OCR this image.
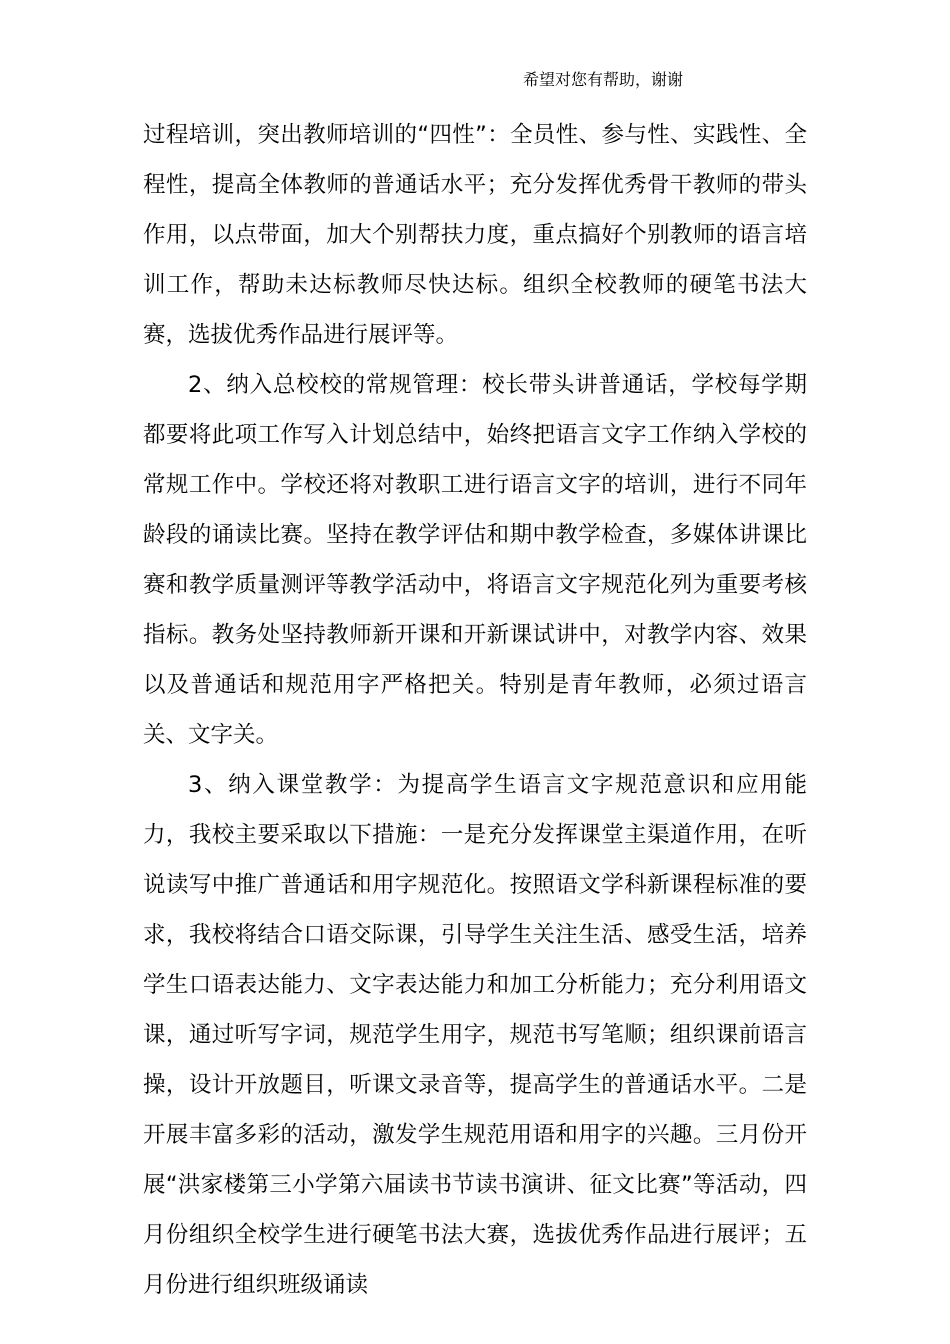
希望对您有帮助，谢谢

过程培训，突出教师培训的“四性”：全员性、参与性、实践性、全程性，提高全体教师的普通话水平；充分发挥优秀骨干教师的带头作用，以点带面，加大个别帮扶力度，重点搞好个别教师的语言培训工作，帮助未达标教师尽快达标。组织全校教师的硬笔书法大赛，选拔优秀作品进行展评等。

2、纳入总校校的常规管理：校长带头讲普通话，学校每学期都要将此项工作写入计划总结中，始终把语言文字工作纳入学校的常规工作中。学校还将对教职工进行语言文字的培训，进行不同年龄段的诵读比赛。坚持在教学评估和期中教学检查，多媒体讲课比赛和教学质量测评等教学活动中，将语言文字规范化列为重要考核指标。教务处坚持教师新开课和开新课试讲中，对教学内容、效果以及普通话和规范用字严格把关。特别是青年教师，必须过语言关、文字关。

3、纳入课堂教学：为提高学生语言文字规范意识和应用能力，我校主要采取以下措施：一是充分发挥课堂主渠道作用，在听说读写中推广普通话和用字规范化。按照语文学科新课程标准的要求，我校将结合口语交际课，引导学生关注生活、感受生活，培养学生口语表达能力、文字表达能力和加工分析能力；充分利用语文课，通过听写字词，规范学生用字，规范书写笔顺；组织课前语言操，设计开放题目，听课文录音等，提高学生的普通话水平。二是开展丰富多彩的活动，激发学生规范用语和用字的兴趣。三月份开展“洪家楼第三小学第六届读书节读书演讲、征文比赛”等活动，四月份组织全校学生进行硬笔书法大赛，选拔优秀作品进行展评；五月份进行组织班级诵读
